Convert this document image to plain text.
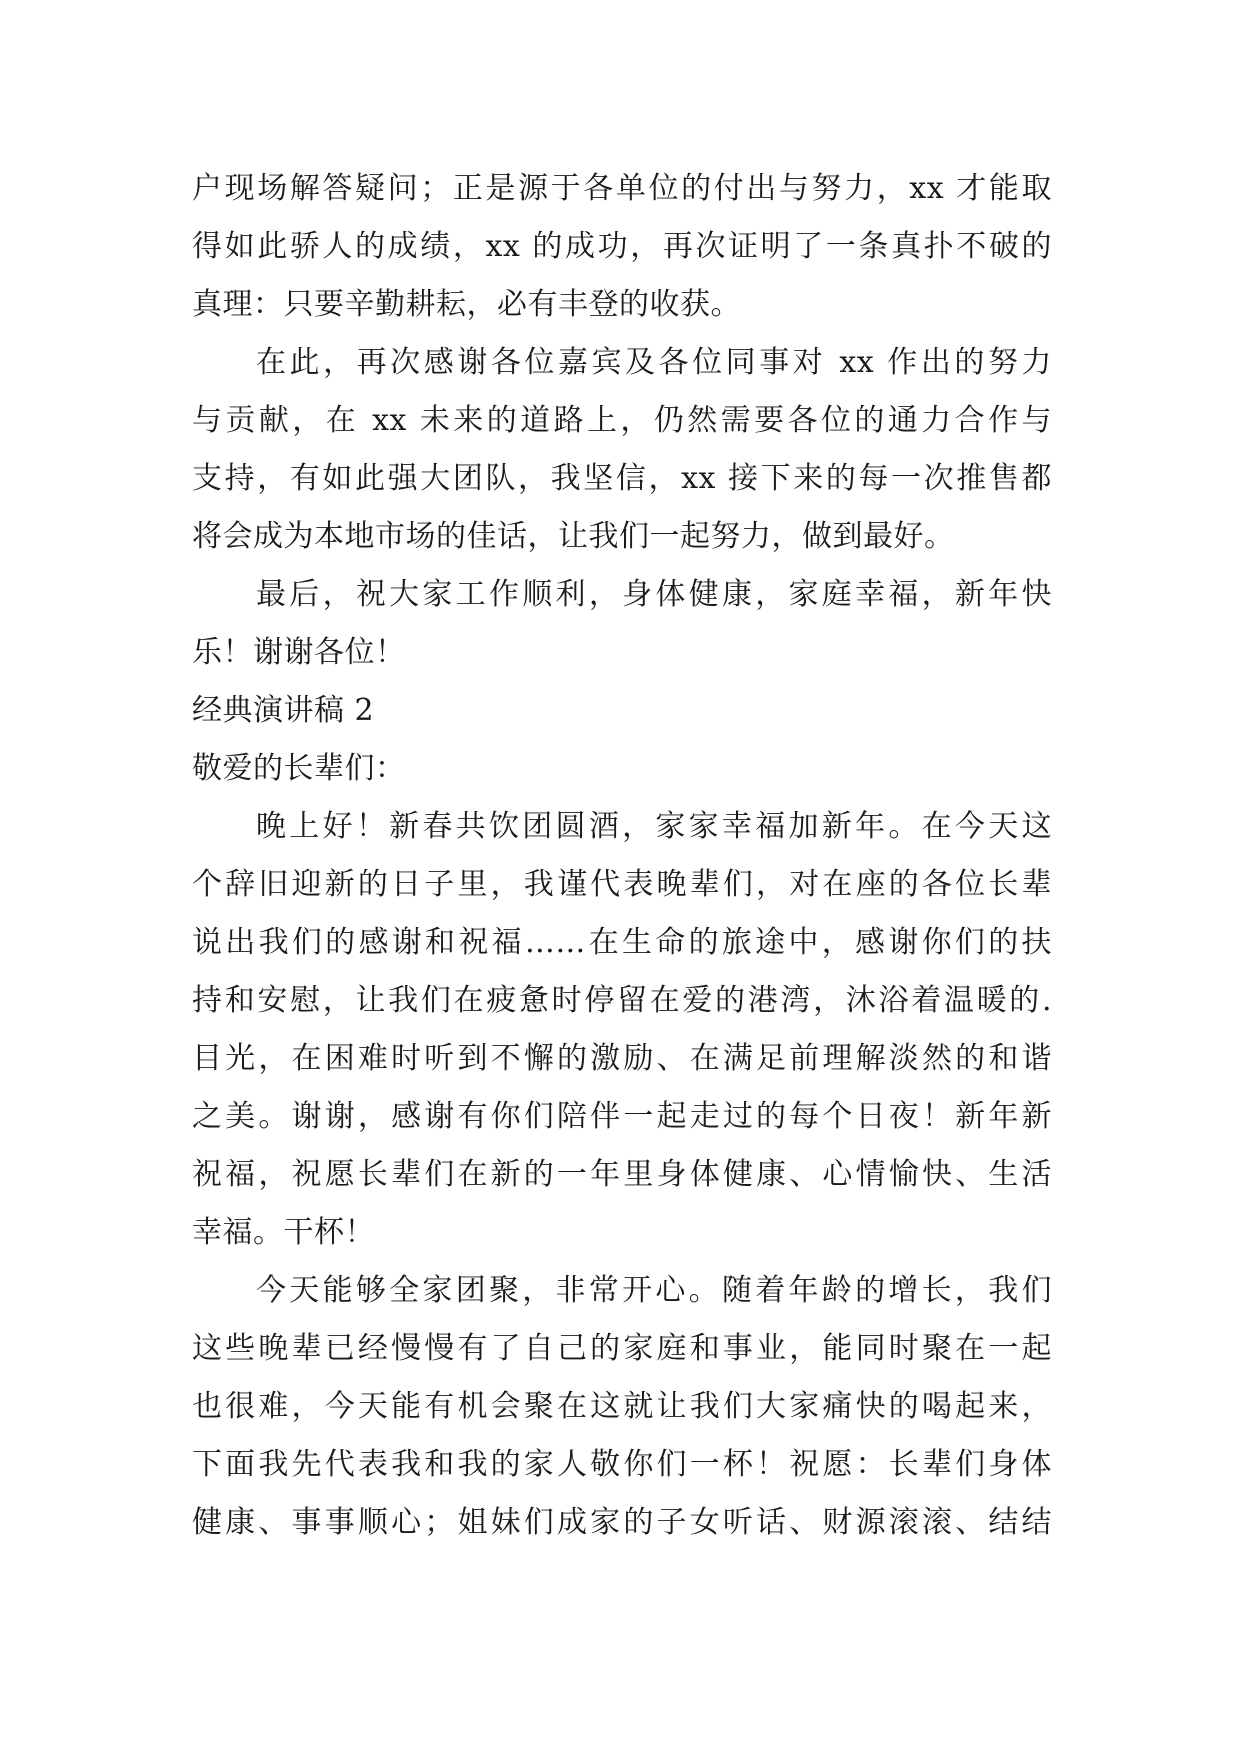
户现场解答疑问；正是源于各单位的付出与努力，xx 才能取
得如此骄人的成绩，xx 的成功，再次证明了一条真扑不破的
真理：只要辛勤耕耘，必有丰登的收获。
在此，再次感谢各位嘉宾及各位同事对 xx 作出的努力
与贡献，在 xx 未来的道路上，仍然需要各位的通力合作与
支持，有如此强大团队，我坚信，xx 接下来的每一次推售都
将会成为本地市场的佳话，让我们一起努力，做到最好。
最后，祝大家工作顺利，身体健康，家庭幸福，新年快
乐！谢谢各位！
经典演讲稿 2
敬爱的长辈们：
晚上好！新春共饮团圆酒，家家幸福加新年。在今天这
个辞旧迎新的日子里，我谨代表晚辈们，对在座的各位长辈
说出我们的感谢和祝福……在生命的旅途中，感谢你们的扶
持和安慰，让我们在疲惫时停留在爱的港湾，沐浴着温暖的.
目光，在困难时听到不懈的激励、在满足前理解淡然的和谐
之美。谢谢，感谢有你们陪伴一起走过的每个日夜！新年新
祝福，祝愿长辈们在新的一年里身体健康、心情愉快、生活
幸福。干杯！
今天能够全家团聚，非常开心。随着年龄的增长，我们
这些晚辈已经慢慢有了自己的家庭和事业，能同时聚在一起
也很难，今天能有机会聚在这就让我们大家痛快的喝起来，
下面我先代表我和我的家人敬你们一杯！祝愿：长辈们身体
健康、事事顺心；姐妹们成家的子女听话、财源滚滚、结结
